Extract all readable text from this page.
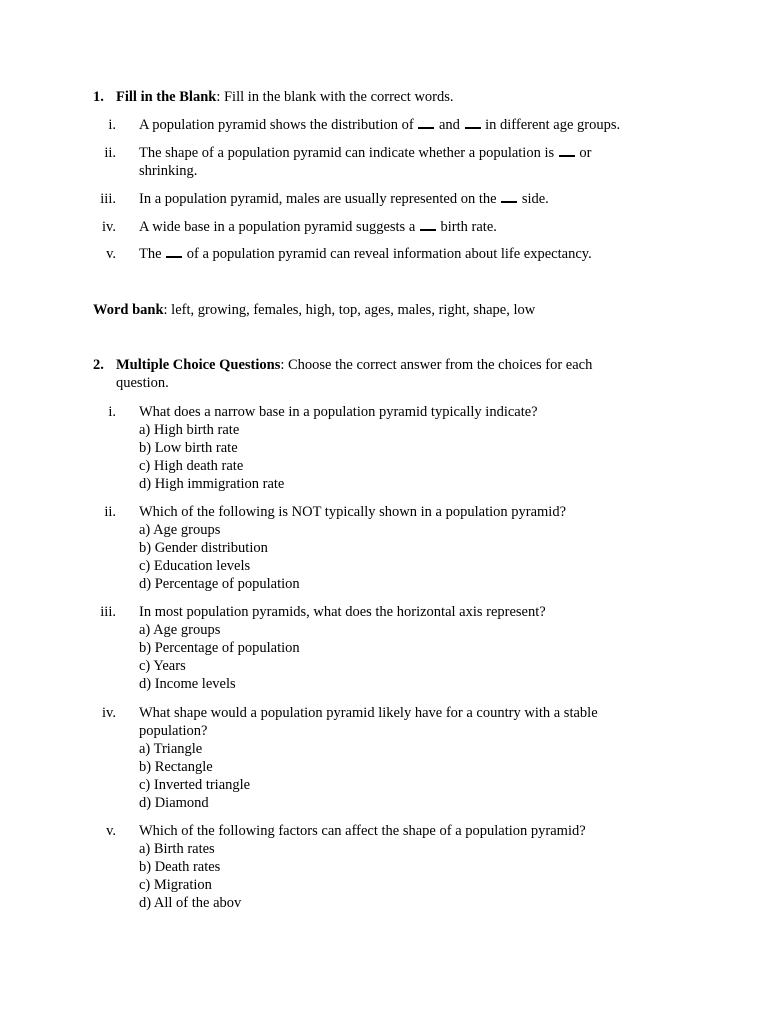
1. Fill in the Blank: Fill in the blank with the correct words.
i. A population pyramid shows the distribution of  and  in different age groups.
ii. The shape of a population pyramid can indicate whether a population is  or shrinking.
iii. In a population pyramid, males are usually represented on the  side.
iv. A wide base in a population pyramid suggests a  birth rate.
v. The  of a population pyramid can reveal information about life expectancy.
Word bank: left, growing, females, high, top, ages, males, right, shape, low
2. Multiple Choice Questions: Choose the correct answer from the choices for each question.
i. What does a narrow base in a population pyramid typically indicate?
a) High birth rate
b) Low birth rate
c) High death rate
d) High immigration rate
ii. Which of the following is NOT typically shown in a population pyramid?
a) Age groups
b) Gender distribution
c) Education levels
d) Percentage of population
iii. In most population pyramids, what does the horizontal axis represent?
a) Age groups
b) Percentage of population
c) Years
d) Income levels
iv. What shape would a population pyramid likely have for a country with a stable population?
a) Triangle
b) Rectangle
c) Inverted triangle
d) Diamond
v. Which of the following factors can affect the shape of a population pyramid?
a) Birth rates
b) Death rates
c) Migration
d) All of the abov
